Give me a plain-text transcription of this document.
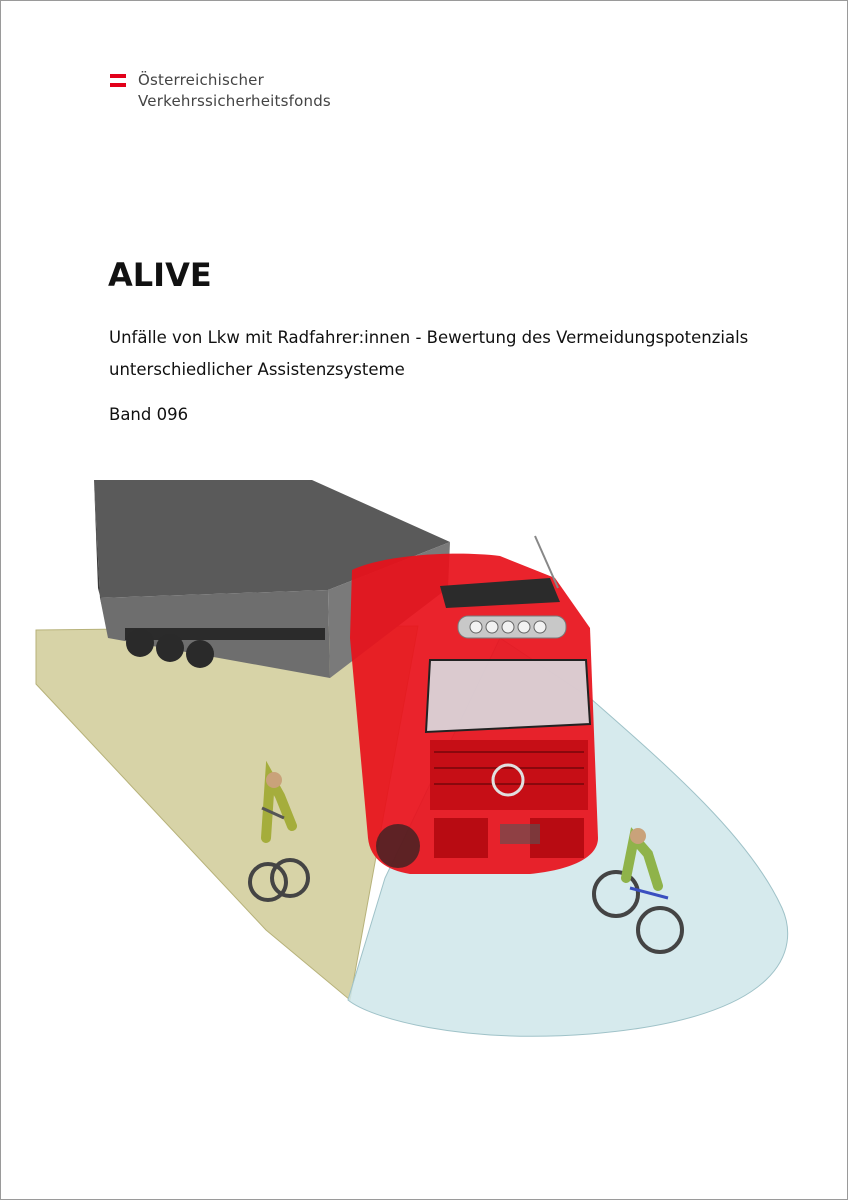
Österreichischer
Verkehrssicherheitsfonds
ALIVE
Unfälle von Lkw mit Radfahrer:innen - Bewertung des Vermeidungspotenzials
unterschiedlicher Assistenzsysteme
Band 096
